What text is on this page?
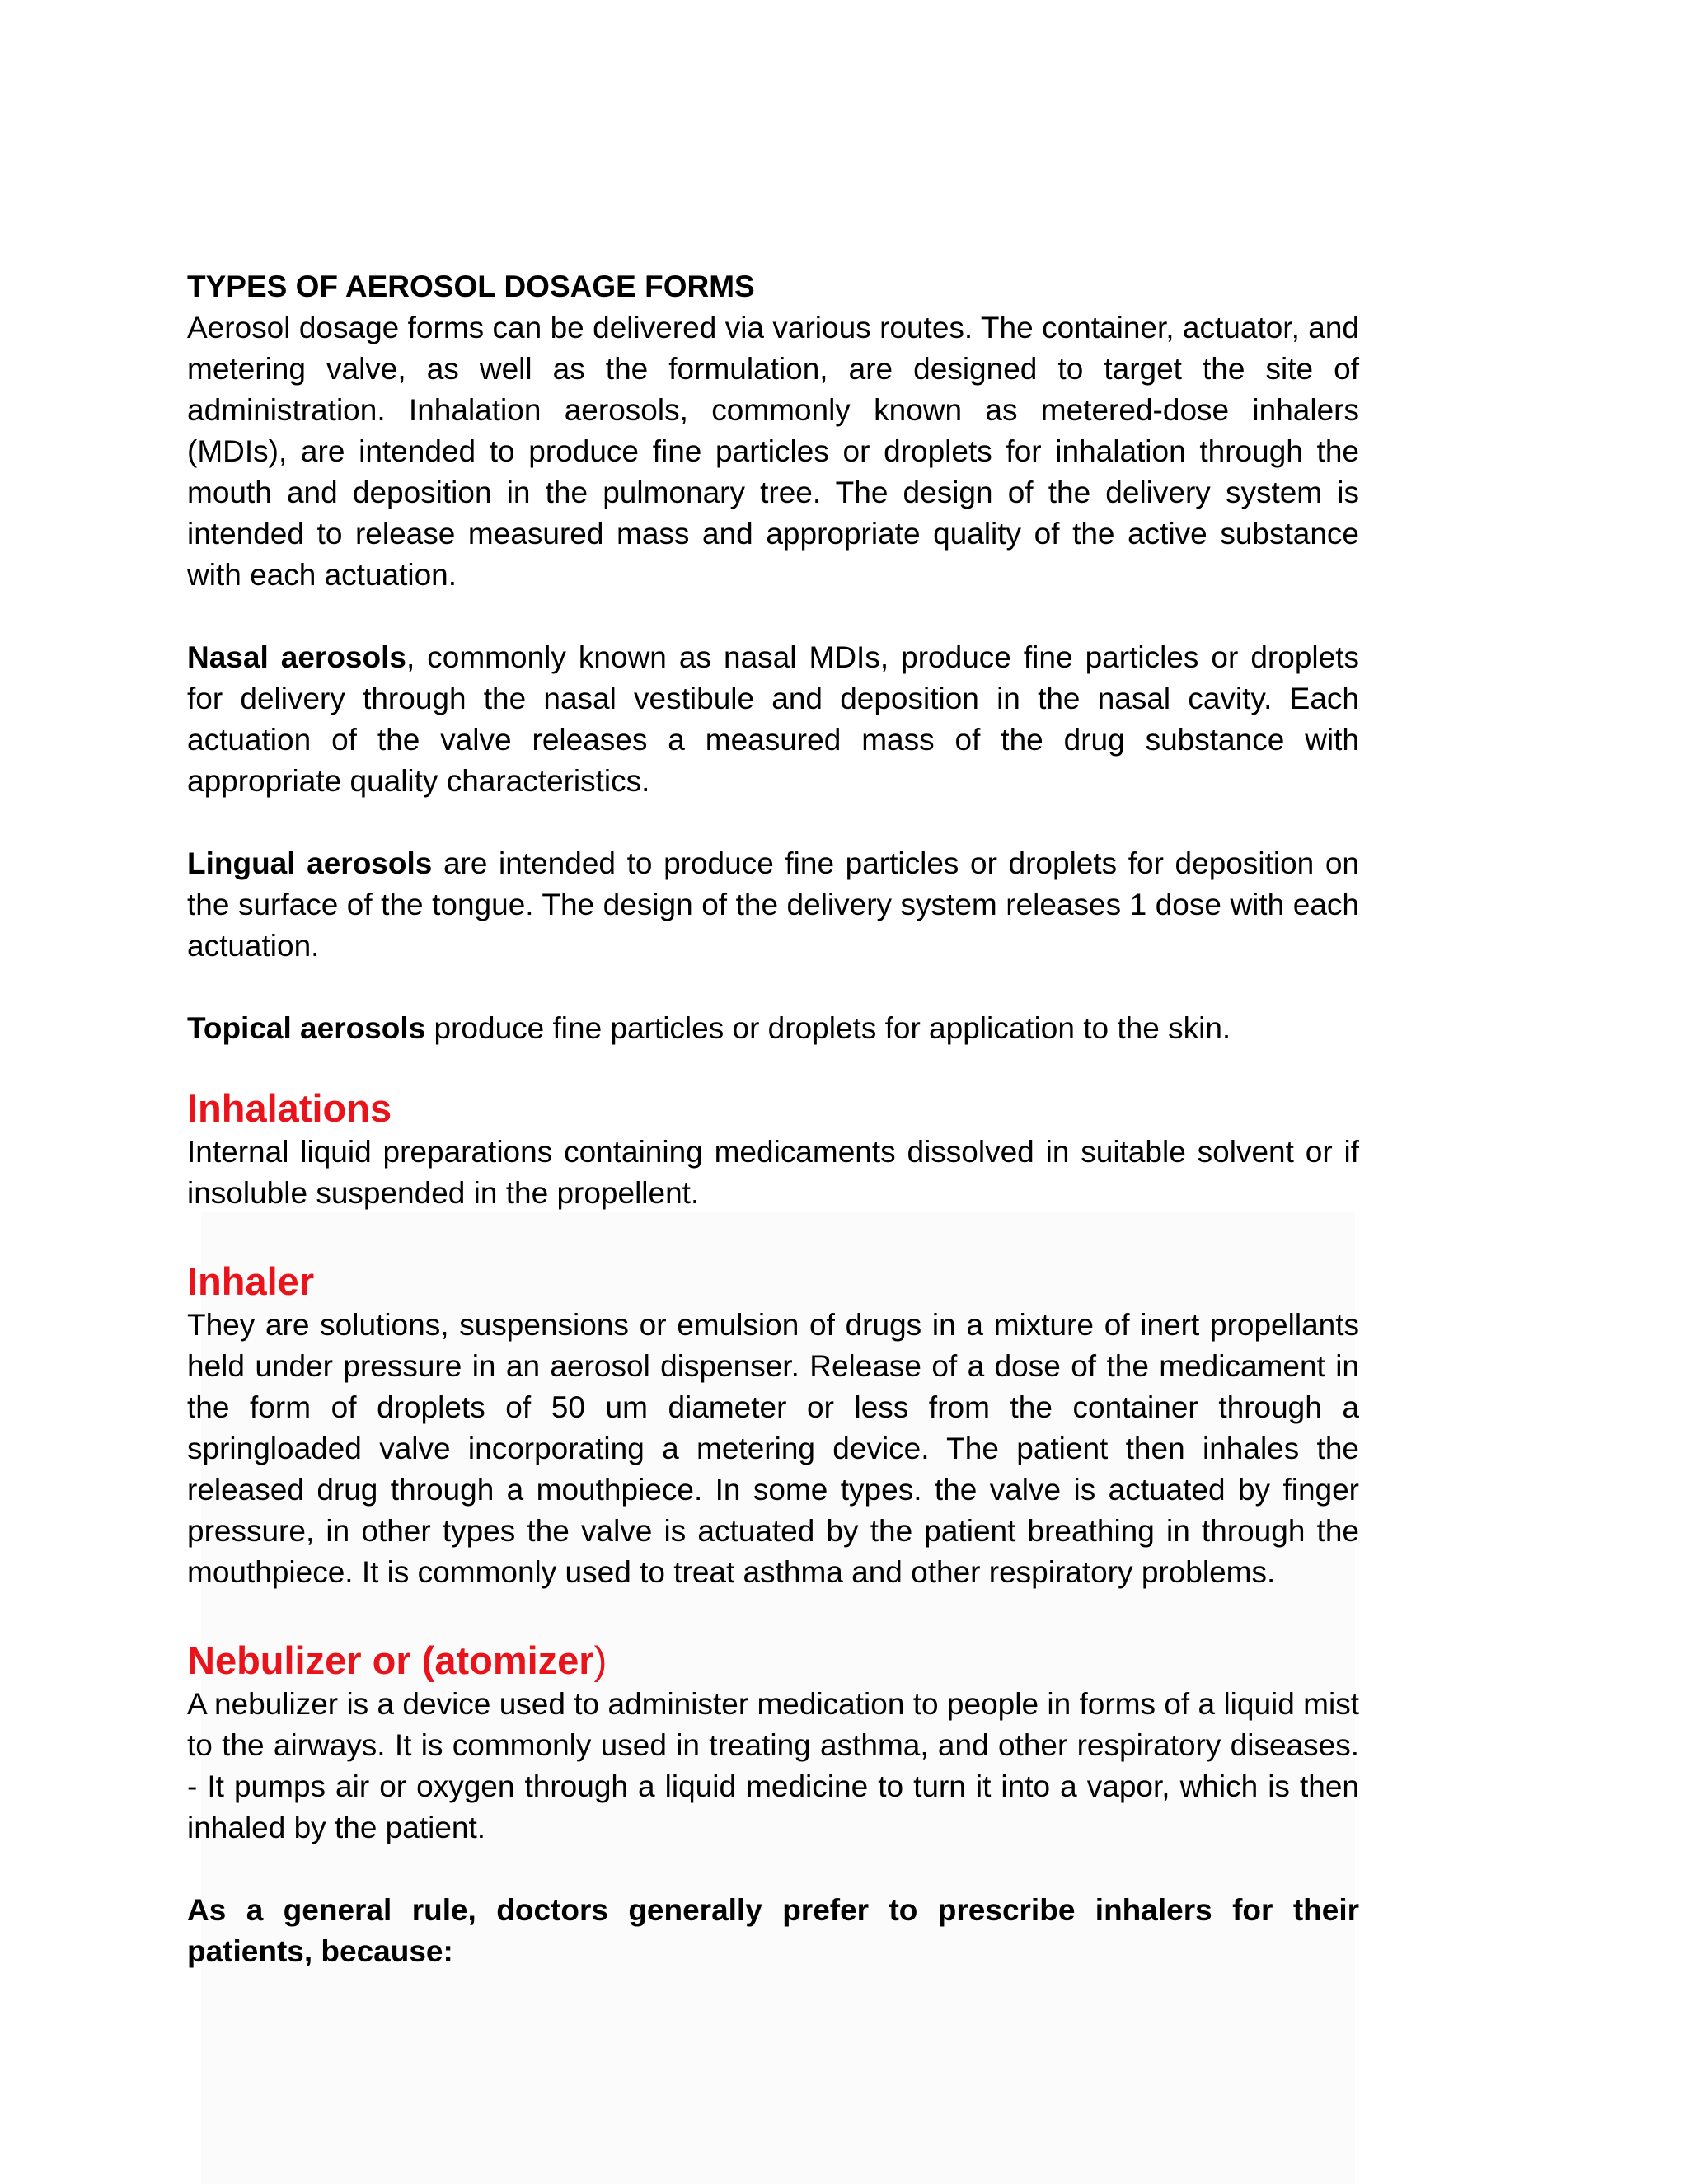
TYPES OF AEROSOL DOSAGE FORMS

Aerosol dosage forms can be delivered via various routes. The container, actuator, and metering valve, as well as the formulation, are designed to target the site of administration. Inhalation aerosols, commonly known as metered-dose inhalers (MDIs), are intended to produce fine particles or droplets for inhalation through the mouth and deposition in the pulmonary tree. The design of the delivery system is intended to release measured mass and appropriate quality of the active substance with each actuation.

Nasal aerosols, commonly known as nasal MDIs, produce fine particles or droplets for delivery through the nasal vestibule and deposition in the nasal cavity. Each actuation of the valve releases a measured mass of the drug substance with appropriate quality characteristics.

Lingual aerosols are intended to produce fine particles or droplets for deposition on the surface of the tongue. The design of the delivery system releases 1 dose with each actuation.

Topical aerosols produce fine particles or droplets for application to the skin.

Inhalations

Internal liquid preparations containing medicaments dissolved in suitable solvent or if insoluble suspended in the propellent.

Inhaler

They are solutions, suspensions or emulsion of drugs in a mixture of inert propellants held under pressure in an aerosol dispenser. Release of a dose of the medicament in the form of droplets of 50 um diameter or less from the container through a springloaded valve incorporating a metering device. The patient then inhales the released drug through a mouthpiece. In some types. the valve is actuated by finger pressure, in other types the valve is actuated by the patient breathing in through the mouthpiece. It is commonly used to treat asthma and other respiratory problems.

Nebulizer or (atomizer)

A nebulizer is a device used to administer medication to people in forms of a liquid mist to the airways. It is commonly used in treating asthma, and other respiratory diseases. - It pumps air or oxygen through a liquid medicine to turn it into a vapor, which is then inhaled by the patient.

As a general rule, doctors generally prefer to prescribe inhalers for their patients, because:
